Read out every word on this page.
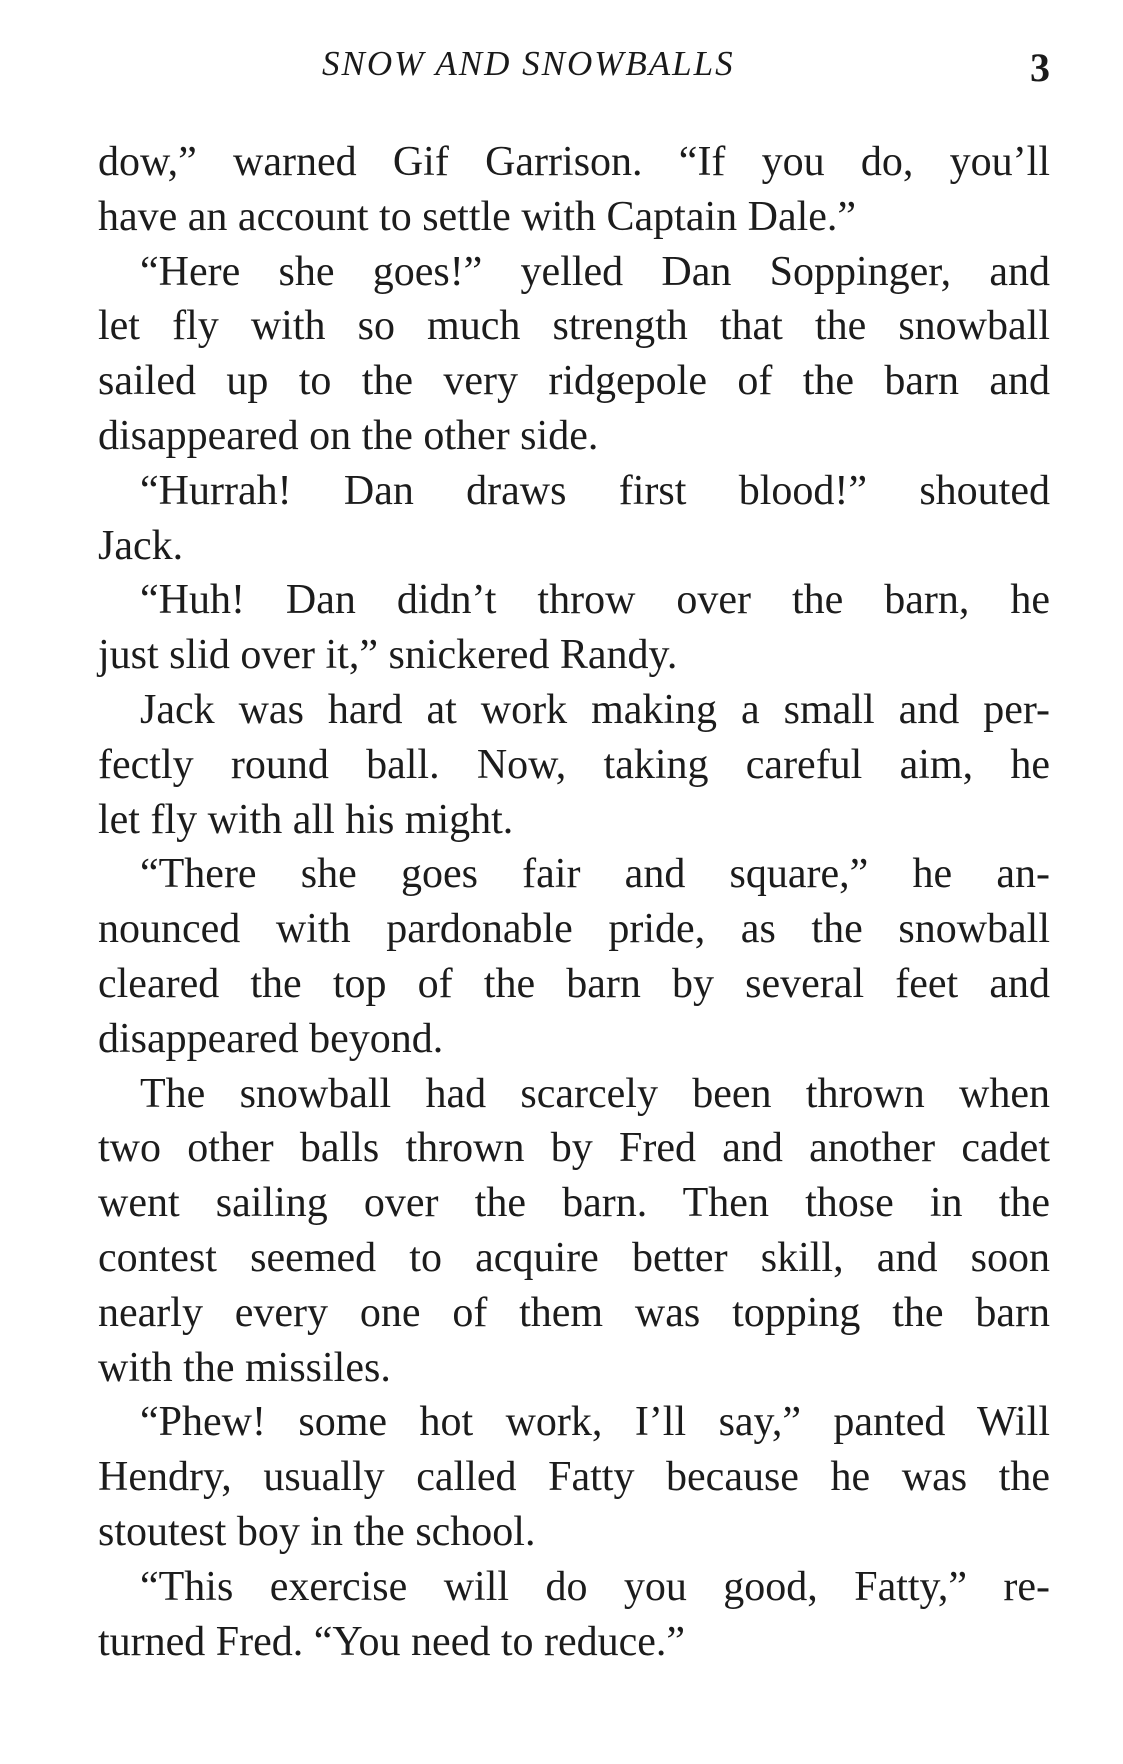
SNOW AND SNOWBALLS	3
dow,” warned Gif Garrison. “If you do, you’ll
have an account to settle with Captain Dale.”
“Here she goes!” yelled Dan Soppinger, and
let fly with so much strength that the snowball
sailed up to the very ridgepole of the barn and
disappeared on the other side.
“Hurrah! Dan draws first blood!” shouted
Jack.
“Huh! Dan didn’t throw over the barn, he
just slid over it,” snickered Randy.
Jack was hard at work making a small and per-
fectly round ball. Now, taking careful aim, he
let fly with all his might.
“There she goes fair and square,” he an-
nounced with pardonable pride, as the snowball
cleared the top of the barn by several feet and
disappeared beyond.
The snowball had scarcely been thrown when
two other balls thrown by Fred and another cadet
went sailing over the barn. Then those in the
contest seemed to acquire better skill, and soon
nearly every one of them was topping the barn
with the missiles.
“Phew! some hot work, I’ll say,” panted Will
Hendry, usually called Fatty because he was the
stoutest boy in the school.
“This exercise will do you good, Fatty,” re-
turned Fred. “You need to reduce.”
